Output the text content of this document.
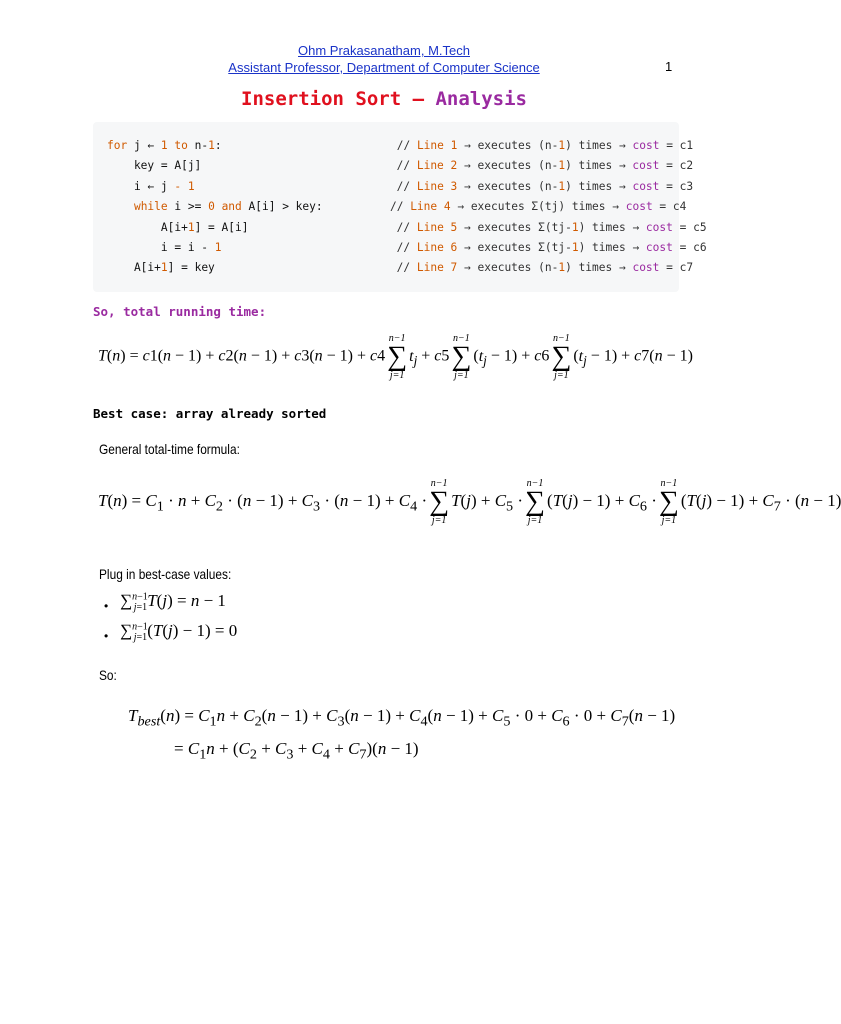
Ohm Prakasanatham, M.Tech
Assistant Professor, Department of Computer Science	1
Insertion Sort – Analysis
for j ← 1 to n-1:                          // Line 1 → executes (n-1) times → cost = c1
key = A[j]                             // Line 2 → executes (n-1) times → cost = c2
i ← j - 1	// Line 3 → executes (n-1) times → cost = c3
while i >= 0 and A[i] > key:          // Line 4 → executes Σ(tj) times → cost = c4
A[i+1] = A[i]                      // Line 5 → executes Σ(tj-1) times → cost = c5
i = i - 1	// Line 6 → executes Σ(tj-1) times → cost = c6
A[i+1] = key                           // Line 7 → executes (n-1) times → cost = c7
So, total running time:
T(n) = c1(n − 1) + c2(n − 1) + c3(n − 1) + c4
n−1
∑
j=1
$t_j + c5$
n−1
∑
j=1
$(t_j - 1) + c6$
n−1
∑
j=1
$(t_j - 1) + c7(n - 1)$
Best case: array already sorted
General total-time formula:
$T(n) = C_1 \cdot n + C_2 \cdot (n - 1) + C_3 \cdot (n - 1) + C_4$ ·
n−1
∑
j=1
$T(j) + C_5$ ·
n−1
∑
j=1
$(T(j) - 1) + C_6$ ·
n−1
∑
j=1
$(T(j) - 1) + C_7 \cdot (n - 1)$
Plug in best-case values:
• ∑$^{n-1}_{j=1}$T(j) = n − 1
• ∑$^{n-1}_{j=1}$(T(j) − 1) = 0
So:
$T_{best}(n) = C_1n + C_2(n - 1) + C_3(n - 1) + C_4(n - 1) + C_5 \cdot 0 + C_6 \cdot 0 + C_7(n - 1)$
= $C_1n + (C_2 + C_3 + C_4 + C_7)(n - 1)$
